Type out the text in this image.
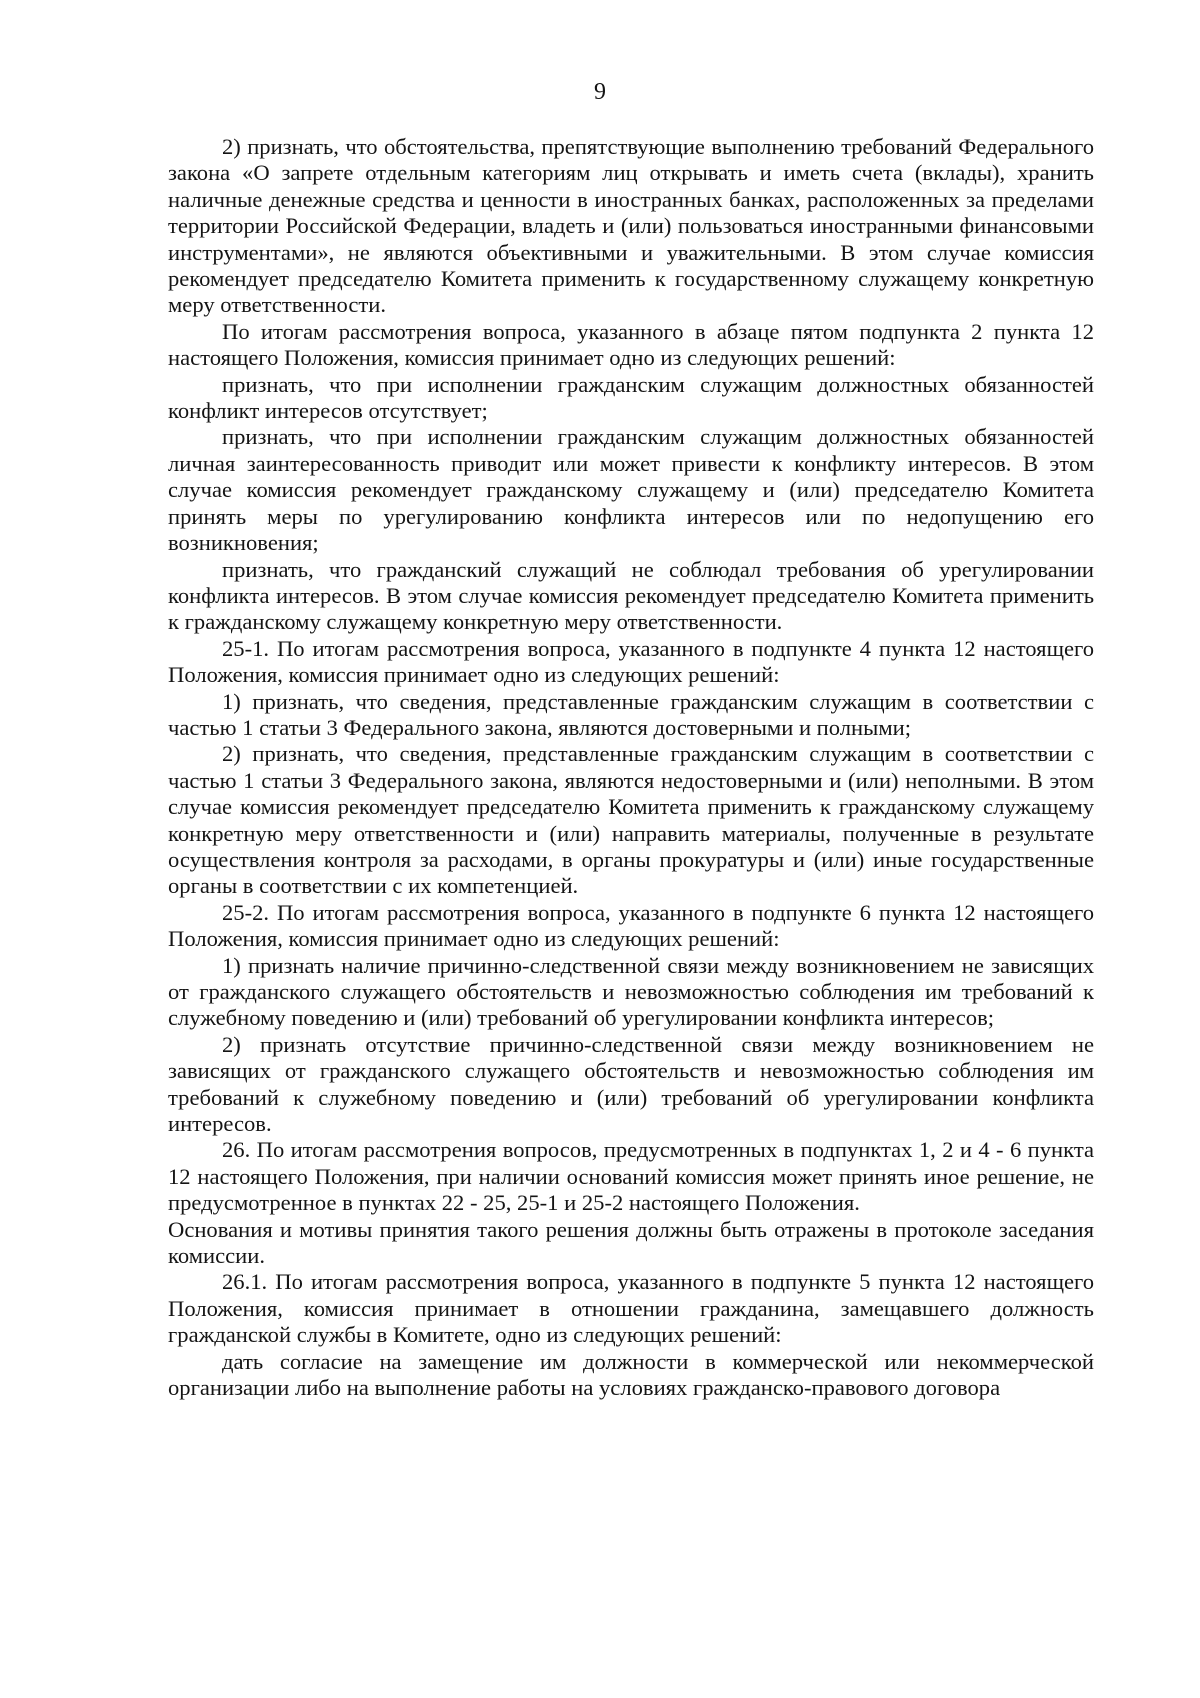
9

2) признать, что обстоятельства, препятствующие выполнению требований Федерального закона «О запрете отдельным категориям лиц открывать и иметь счета (вклады), хранить наличные денежные средства и ценности в иностранных банках, расположенных за пределами территории Российской Федерации, владеть и (или) пользоваться иностранными финансовыми инструментами», не являются объективными и уважительными. В этом случае комиссия рекомендует председателю Комитета применить к государственному служащему конкретную меру ответственности.

По итогам рассмотрения вопроса, указанного в абзаце пятом подпункта 2 пункта 12 настоящего Положения, комиссия принимает одно из следующих решений:

признать, что при исполнении гражданским служащим должностных обязанностей конфликт интересов отсутствует;

признать, что при исполнении гражданским служащим должностных обязанностей личная заинтересованность приводит или может привести к конфликту интересов. В этом случае комиссия рекомендует гражданскому служащему и (или) председателю Комитета принять меры по урегулированию конфликта интересов или по недопущению его возникновения;

признать, что гражданский служащий не соблюдал требования об урегулировании конфликта интересов. В этом случае комиссия рекомендует председателю Комитета применить к гражданскому служащему конкретную меру ответственности.

25-1. По итогам рассмотрения вопроса, указанного в подпункте 4 пункта 12 настоящего Положения, комиссия принимает одно из следующих решений:

1) признать, что сведения, представленные гражданским служащим в соответствии с частью 1 статьи 3 Федерального закона, являются достоверными и полными;

2) признать, что сведения, представленные гражданским служащим в соответствии с частью 1 статьи 3 Федерального закона, являются недостоверными и (или) неполными. В этом случае комиссия рекомендует председателю Комитета применить к гражданскому служащему конкретную меру ответственности и (или) направить материалы, полученные в результате осуществления контроля за расходами, в органы прокуратуры и (или) иные государственные органы в соответствии с их компетенцией.

25-2. По итогам рассмотрения вопроса, указанного в подпункте 6 пункта 12 настоящего Положения, комиссия принимает одно из следующих решений:

1) признать наличие причинно-следственной связи между возникновением не зависящих от гражданского служащего обстоятельств и невозможностью соблюдения им требований к служебному поведению и (или) требований об урегулировании конфликта интересов;

2) признать отсутствие причинно-следственной связи между возникновением не зависящих от гражданского служащего обстоятельств и невозможностью соблюдения им требований к служебному поведению и (или) требований об урегулировании конфликта интересов.

26. По итогам рассмотрения вопросов, предусмотренных в подпунктах 1, 2 и 4 - 6 пункта 12 настоящего Положения, при наличии оснований комиссия может принять иное решение, не предусмотренное в пунктах 22 - 25, 25-1 и 25-2 настоящего Положения.

Основания и мотивы принятия такого решения должны быть отражены в протоколе заседания комиссии.

26.1. По итогам рассмотрения вопроса, указанного в подпункте 5 пункта 12 настоящего Положения, комиссия принимает в отношении гражданина, замещавшего должность гражданской службы в Комитете, одно из следующих решений:

дать согласие на замещение им должности в коммерческой или некоммерческой организации либо на выполнение работы на условиях гражданско-правового договора
